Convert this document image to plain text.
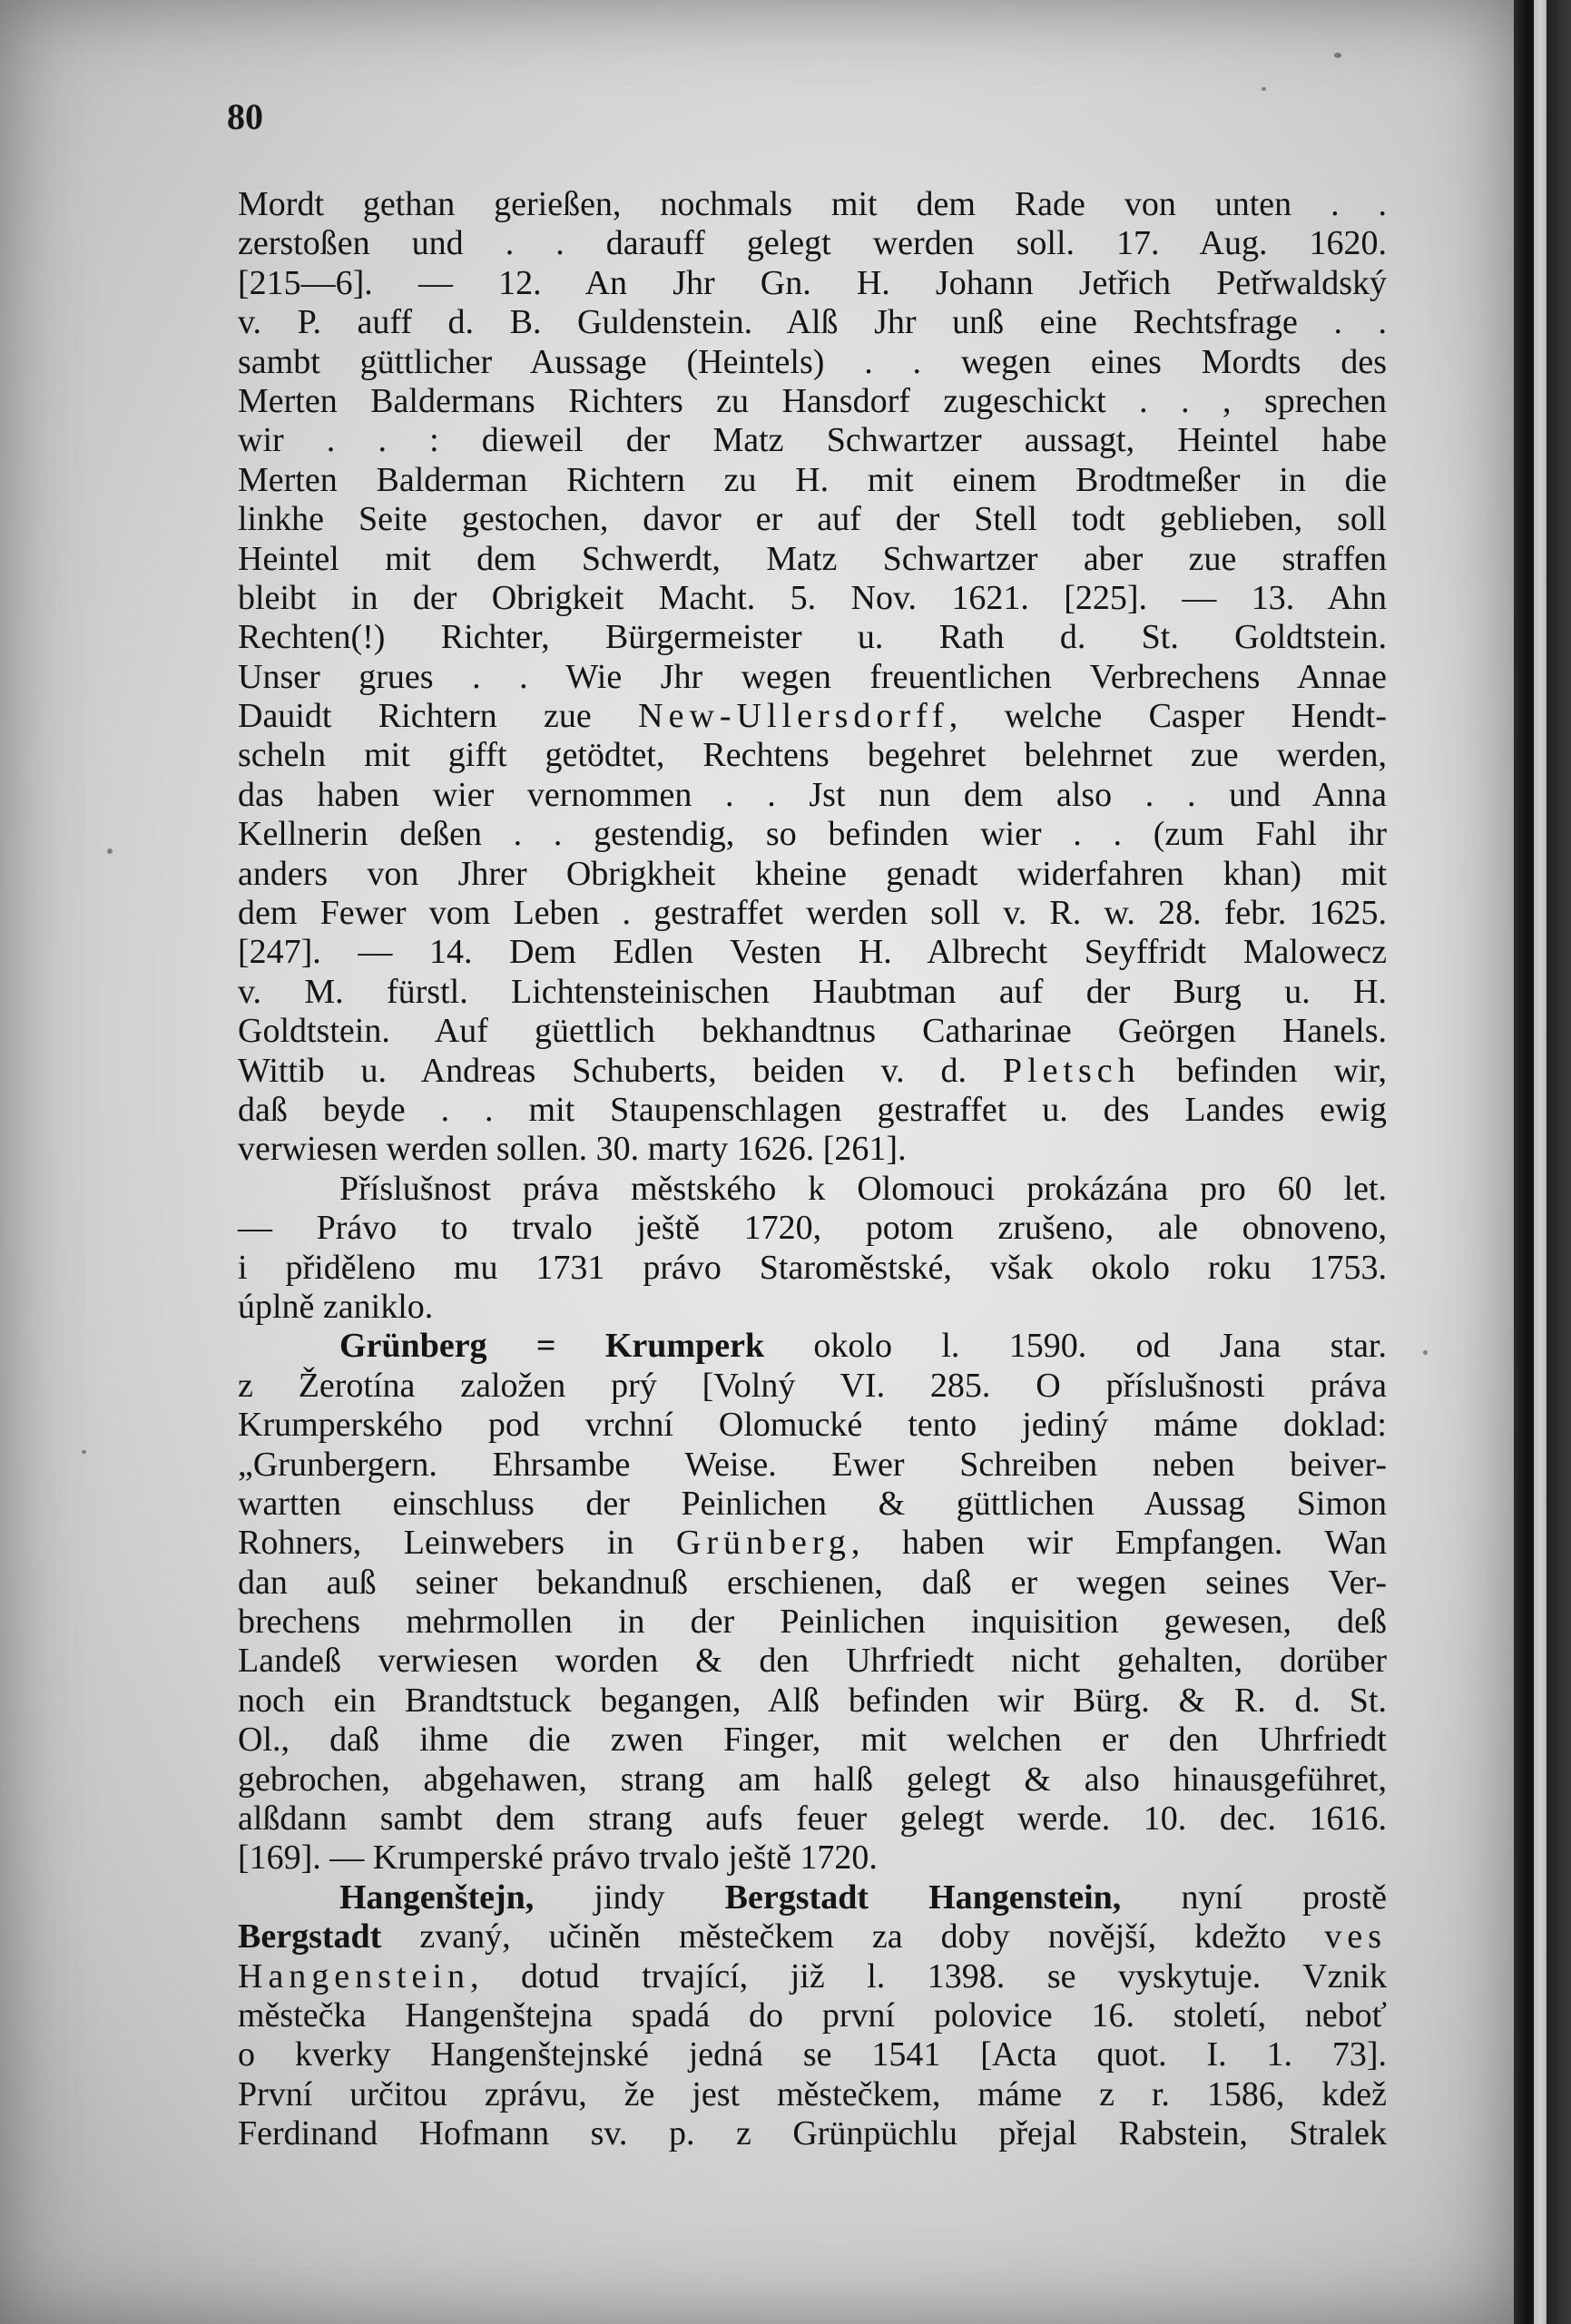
80
Mordt gethan gerießen, nochmals mit dem Rade von unten . .
zerstoßen und . . darauff gelegt werden soll. 17. Aug. 1620.
[215—6]. — 12. An Jhr Gn. H. Johann Jetřich Petřwaldský
v. P. auff d. B. Guldenstein. Alß Jhr unß eine Rechtsfrage . .
sambt güttlicher Aussage (Heintels) . . wegen eines Mordts des
Merten Baldermans Richters zu Hansdorf zugeschickt . . , sprechen
wir . . : dieweil der Matz Schwartzer aussagt, Heintel habe
Merten Balderman Richtern zu H. mit einem Brodtmeßer in die
linkhe Seite gestochen, davor er auf der Stell todt geblieben, soll
Heintel mit dem Schwerdt, Matz Schwartzer aber zue straffen
bleibt in der Obrigkeit Macht. 5. Nov. 1621. [225]. — 13. Ahn
Rechten(!) Richter, Bürgermeister u. Rath d. St. Goldtstein.
Unser grues . . Wie Jhr wegen freuentlichen Verbrechens Annae
Dauidt Richtern zue New-Ullersdorff, welche Casper Hendt-
scheln mit gifft getödtet, Rechtens begehret belehrnet zue werden,
das haben wier vernommen . . Jst nun dem also . . und Anna
Kellnerin deßen . . gestendig, so befinden wier . . (zum Fahl ihr
anders von Jhrer Obrigkheit kheine genadt widerfahren khan) mit
dem Fewer vom Leben . gestraffet werden soll v. R. w. 28. febr. 1625.
[247]. — 14. Dem Edlen Vesten H. Albrecht Seyffridt Malowecz
v. M. fürstl. Lichtensteinischen Haubtman auf der Burg u. H.
Goldtstein. Auf güettlich bekhandtnus Catharinae Geörgen Hanels.
Wittib u. Andreas Schuberts, beiden v. d. Pletsch befinden wir,
daß beyde . . mit Staupenschlagen gestraffet u. des Landes ewig
verwiesen werden sollen. 30. marty 1626. [261].
Příslušnost práva městského k Olomouci prokázána pro 60 let.
— Právo to trvalo ještě 1720, potom zrušeno, ale obnoveno,
i přiděleno mu 1731 právo Staroměstské, však okolo roku 1753.
úplně zaniklo.
Grünberg = Krumperk okolo l. 1590. od Jana star.
z Žerotína založen prý [Volný VI. 285. O příslušnosti práva
Krumperského pod vrchní Olomucké tento jediný máme doklad:
„Grunbergern. Ehrsambe Weise. Ewer Schreiben neben beiver-
wartten einschluss der Peinlichen & güttlichen Aussag Simon
Rohners, Leinwebers in Grünberg, haben wir Empfangen. Wan
dan auß seiner bekandnuß erschienen, daß er wegen seines Ver-
brechens mehrmollen in der Peinlichen inquisition gewesen, deß
Landeß verwiesen worden & den Uhrfriedt nicht gehalten, dorüber
noch ein Brandtstuck begangen, Alß befinden wir Bürg. & R. d. St.
Ol., daß ihme die zwen Finger, mit welchen er den Uhrfriedt
gebrochen, abgehawen, strang am halß gelegt & also hinausgeführet,
alßdann sambt dem strang aufs feuer gelegt werde. 10. dec. 1616.
[169]. — Krumperské právo trvalo ještě 1720.
Hangenštejn, jindy Bergstadt Hangenstein, nyní prostě
Bergstadt zvaný, učiněn městečkem za doby novější, kdežto ves
Hangenstein, dotud trvající, již l. 1398. se vyskytuje. Vznik
městečka Hangenštejna spadá do první polovice 16. století, neboť
o kverky Hangenštejnské jedná se 1541 [Acta quot. I. 1. 73].
První určitou zprávu, že jest městečkem, máme z r. 1586, kdež
Ferdinand Hofmann sv. p. z Grünpüchlu přejal Rabstein, Stralek
